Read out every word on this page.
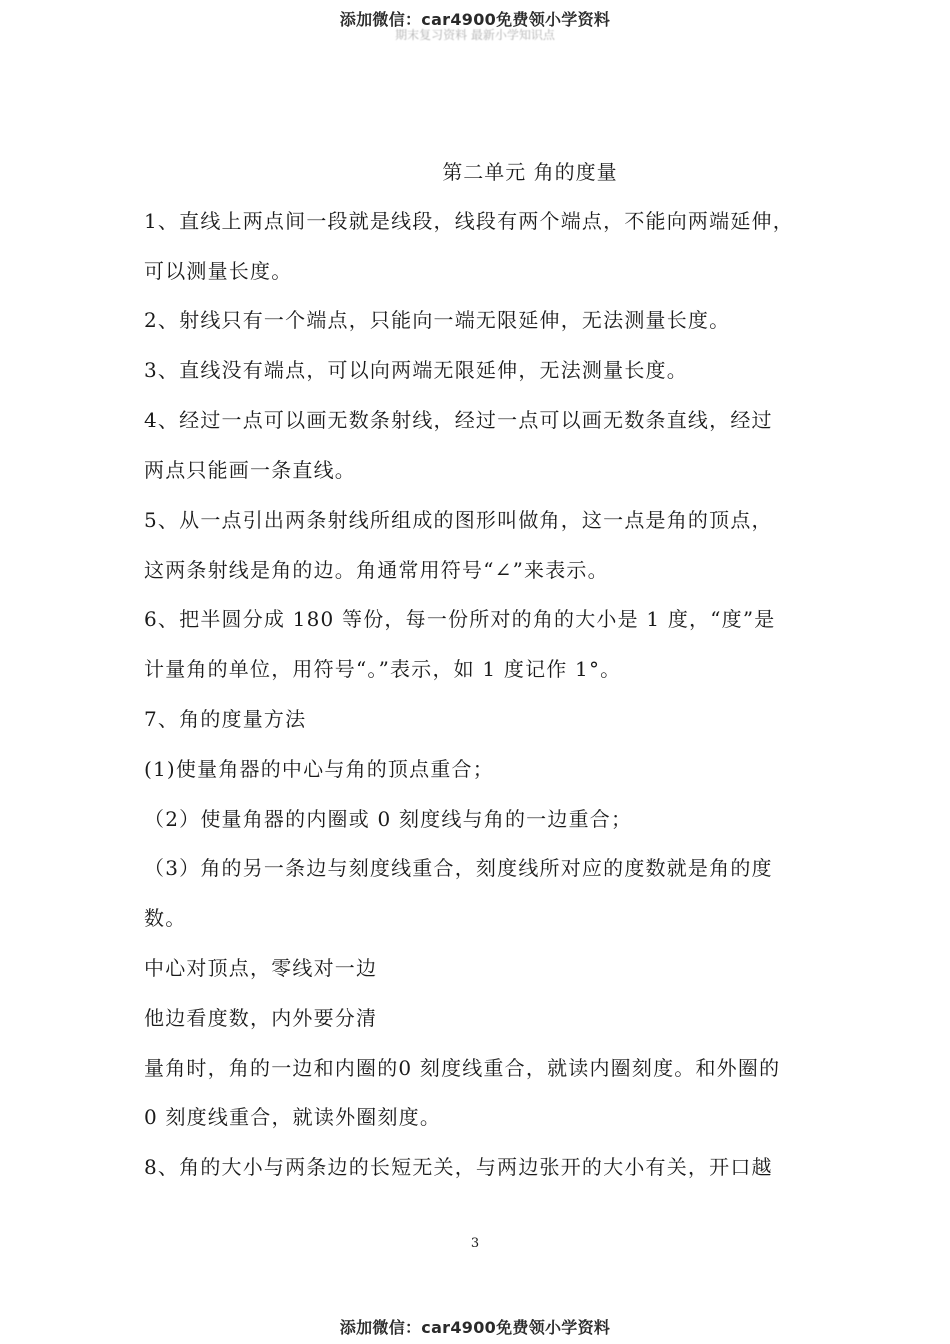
添加微信：car4900免费领小学资料
期末复习资料 最新小学知识点
第二单元 角的度量
1、直线上两点间一段就是线段，线段有两个端点，不能向两端延伸，
可以测量长度。
2、射线只有一个端点，只能向一端无限延伸，无法测量长度。
3、直线没有端点，可以向两端无限延伸，无法测量长度。
4、经过一点可以画无数条射线，经过一点可以画无数条直线，经过
两点只能画一条直线。
5、从一点引出两条射线所组成的图形叫做角，这一点是角的顶点，
这两条射线是角的边。角通常用符号“∠”来表示。
6、把半圆分成 180 等份，每一份所对的角的大小是 1 度，“度”是
计量角的单位，用符号“。”表示，如 1 度记作 1°。
7、角的度量方法
(1)使量角器的中心与角的顶点重合；
（2）使量角器的内圈或 0 刻度线与角的一边重合；
（3）角的另一条边与刻度线重合，刻度线所对应的度数就是角的度
数。
中心对顶点，零线对一边
他边看度数，内外要分清
量角时，角的一边和内圈的0 刻度线重合，就读内圈刻度。和外圈的
0 刻度线重合，就读外圈刻度。
8、角的大小与两条边的长短无关，与两边张开的大小有关，开口越
3
添加微信：car4900免费领小学资料
